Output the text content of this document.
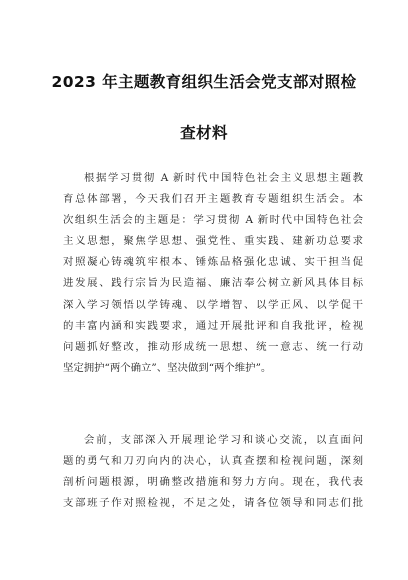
2023 年主题教育组织生活会党支部对照检
查材料
根据学习贯彻 A 新时代中国特色社会主义思想主题教
育总体部署，今天我们召开主题教育专题组织生活会。本
次组织生活会的主题是：学习贯彻 A 新时代中国特色社会
主义思想，聚焦学思想、强党性、重实践、建新功总要求
对照凝心铸魂筑牢根本、锤炼品格强化忠诚、实干担当促
进发展、践行宗旨为民造福、廉洁奉公树立新风具体目标
深入学习领悟以学铸魂、以学增智、以学正风、以学促干
的丰富内涵和实践要求，通过开展批评和自我批评，检视
问题抓好整改，推动形成统一思想、统一意志、统一行动
坚定拥护“两个确立”、坚决做到“两个维护”。
会前，支部深入开展理论学习和谈心交流，以直面问
题的勇气和刀刃向内的决心，认真查摆和检视问题，深刻
剖析问题根源，明确整改措施和努力方向。现在，我代表
支部班子作对照检视，不足之处，请各位领导和同志们批
